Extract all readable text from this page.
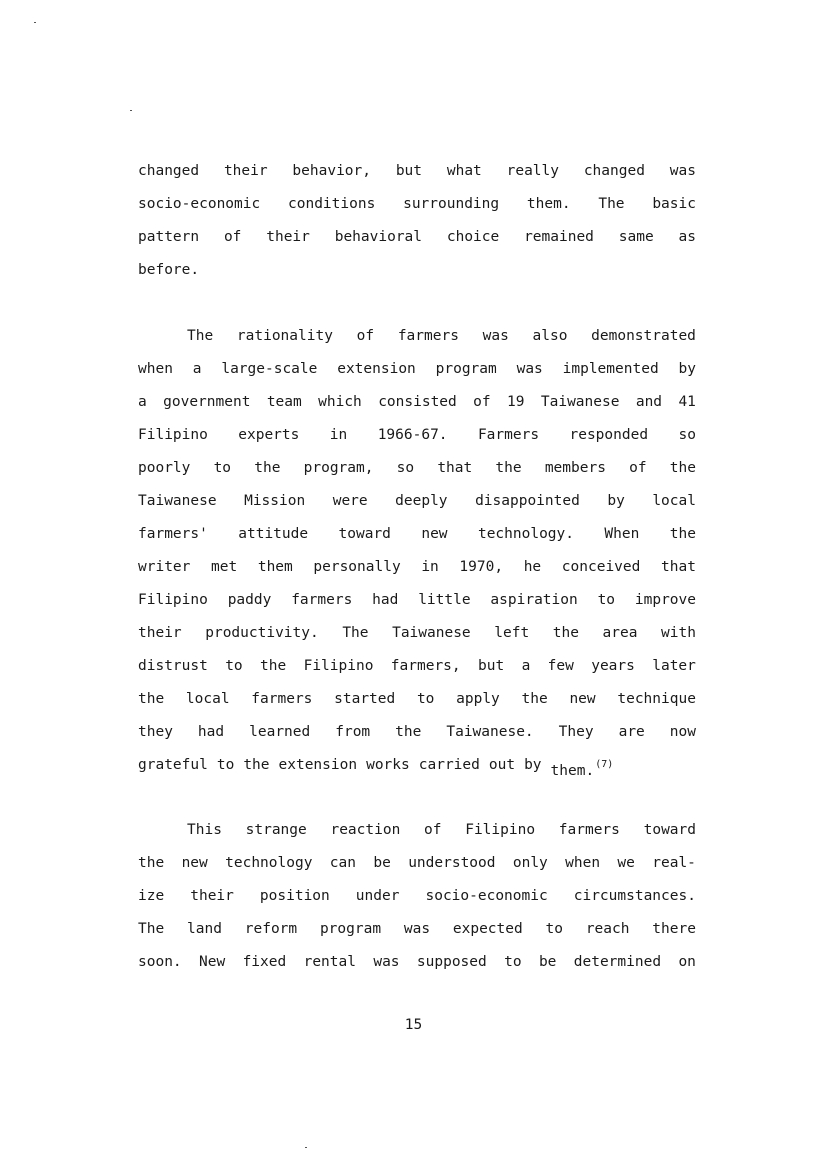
changed their behavior, but what really changed was
socio-economic conditions surrounding them. The basic
pattern of their behavioral choice remained same as
before.
The rationality of farmers was also demonstrated
when a large-scale extension program was implemented by
a government team which consisted of 19 Taiwanese and 41
Filipino experts in 1966-67. Farmers responded so
poorly to the program, so that the members of the
Taiwanese Mission were deeply disappointed by local
farmers' attitude toward new technology. When the
writer met them personally in 1970, he conceived that
Filipino paddy farmers had little aspiration to improve
their productivity. The Taiwanese left the area with
distrust to the Filipino farmers, but a few years later
the local farmers started to apply the new technique
they had learned from the Taiwanese. They are now
grateful to the extension works carried out by them.$^{(7)}$
This strange reaction of Filipino farmers toward
the new technology can be understood only when we real-
ize their position under socio-economic circumstances.
The land reform program was expected to reach there
soon. New fixed rental was supposed to be determined on
15
